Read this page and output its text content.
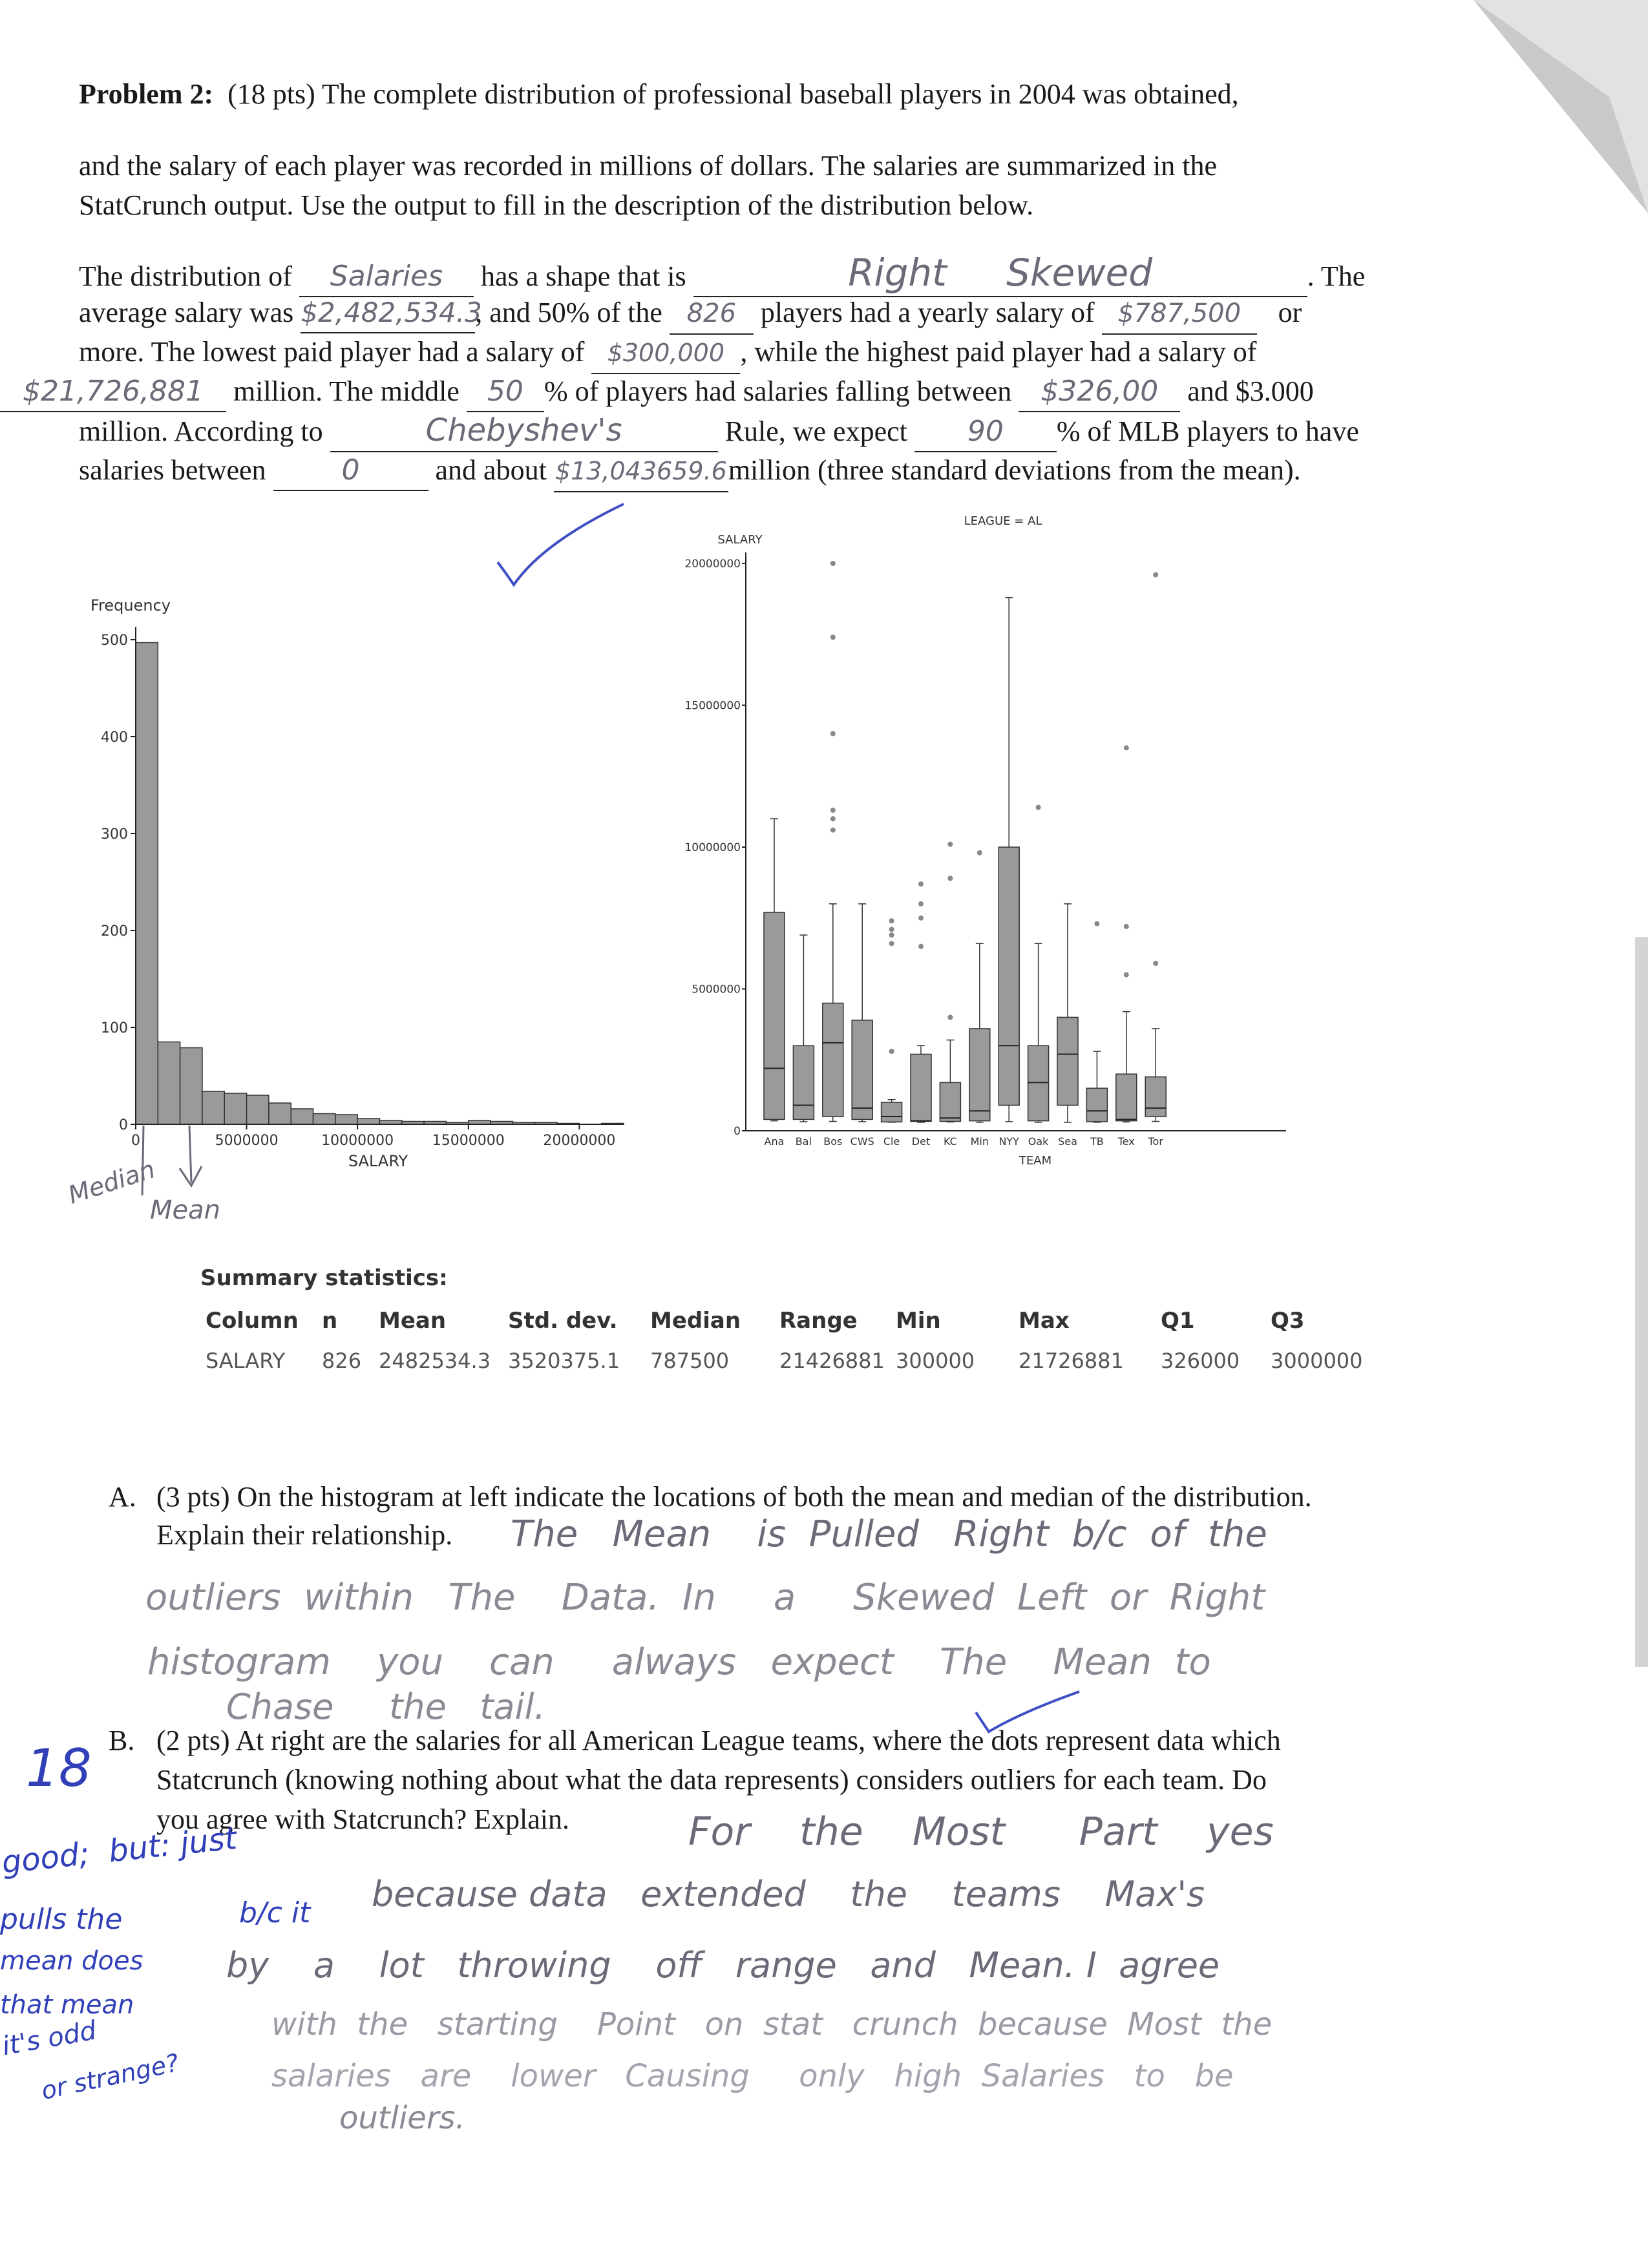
Problem 2: (18 pts) The complete distribution of professional baseball players in 2004 was obtained,
and the salary of each player was recorded in millions of dollars. The salaries are summarized in the
StatCrunch output. Use the output to fill in the description of the distribution below.
The distribution of Salaries has a shape that is	Right     Skewed	. The
average salary was $2,482,534.3, and 50% of the 826 players had a yearly salary of $787,500 or
more. The lowest paid player had a salary of $300,000 , while the highest paid player had a salary of
$21,726,881 million. The middle 50 % of players had salaries falling between $326,00 and $3.000
million. According to	Chebyshev's	Rule, we expect 90 % of MLB players to have
salaries between	0	and about $13,043659.6million (three standard deviations from the mean).
0
100
200
300
400
500
0	5000000	10000000	15000000	20000000
Frequency
SALARY
Median
Mean
LEAGUE = AL
SALARY
0
5000000
10000000
15000000
20000000
Ana Bal Bos CWS Cle Det KC Min NYY Oak Sea TB Tex Tor
TEAM
Summary statistics:
Column	n	Mean	Std. dev.	Median	Range	Min	Max	Q1	Q3
SALARY	826	2482534.3	3520375.1	787500	21426881	300000	21726881	326000	3000000
A. (3 pts) On the histogram at left indicate the locations of both the mean and median of the distribution.
Explain their relationship. The   Mean    is  Pulled   Right  b/c  of  the
outliers  within   The    Data.  In     a     Skewed  Left  or  Right
histogram    you    can     always   expect    The    Mean  to
Chase     the   tail.
B. (2 pts) At right are the salaries for all American League teams, where the dots represent data which
Statcrunch (knowing nothing about what the data represents) considers outliers for each team. Do
you agree with Statcrunch? Explain.	For    the    Most      Part    yes
because data   extended    the    teams    Max's
by    a    lot   throwing    off   range   and   Mean. I  agree
with  the   starting    Point   on  stat   crunch  because  Most  the
salaries   are    lower   Causing     only   high  Salaries   to   be
outliers.
18
good;  but: just
b/c it
pulls the
mean does
that mean
it's odd
or strange?
